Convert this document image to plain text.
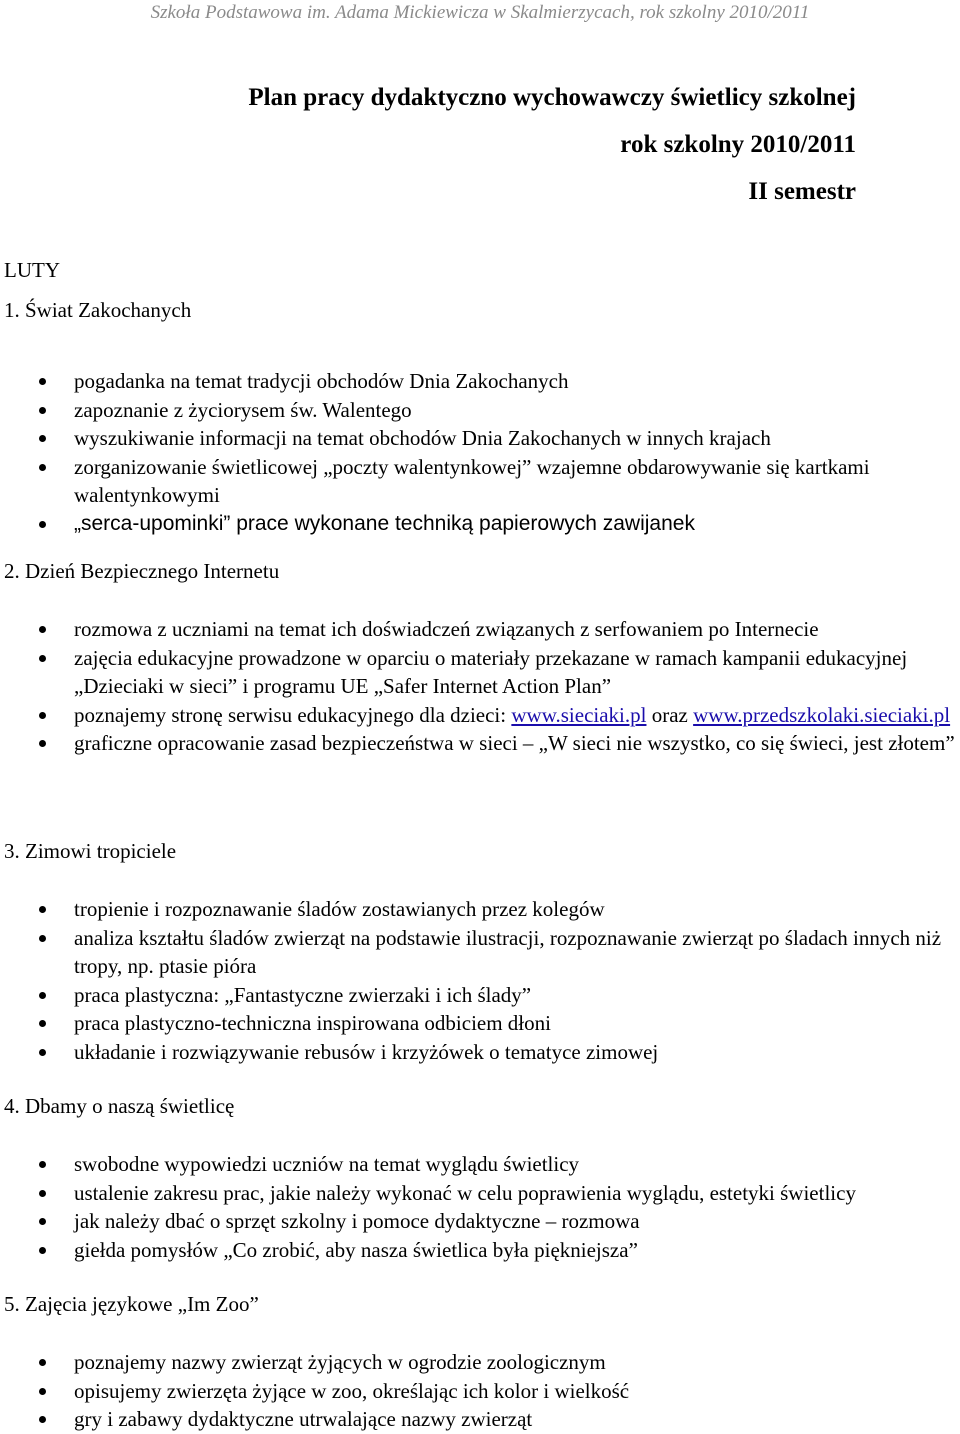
Szkoła Podstawowa im. Adama Mickiewicza w Skalmierzycach, rok szkolny 2010/2011
Plan pracy dydaktyczno wychowawczy świetlicy szkolnej
rok szkolny 2010/2011
II semestr
LUTY
1. Świat Zakochanych
pogadanka na temat tradycji obchodów Dnia Zakochanych
zapoznanie z życiorysem św. Walentego
wyszukiwanie informacji na temat obchodów Dnia Zakochanych w innych krajach
zorganizowanie świetlicowej „poczty walentynkowej” wzajemne obdarowywanie się kartkami walentynkowymi
„serca-upominki” prace wykonane techniką papierowych zawijanek
2. Dzień Bezpiecznego Internetu
rozmowa z uczniami na temat ich doświadczeń związanych z serfowaniem po Internecie
zajęcia edukacyjne prowadzone w oparciu o materiały przekazane w ramach kampanii edukacyjnej „Dzieciaki w sieci” i programu UE „Safer Internet Action Plan”
poznajemy stronę serwisu edukacyjnego dla dzieci: www.sieciaki.pl oraz www.przedszkolaki.sieciaki.pl
graficzne opracowanie zasad bezpieczeństwa w sieci – „W sieci nie wszystko, co się świeci, jest złotem”
3. Zimowi tropiciele
tropienie i rozpoznawanie śladów zostawianych przez kolegów
analiza kształtu śladów zwierząt na podstawie ilustracji, rozpoznawanie zwierząt po śladach innych niż tropy, np. ptasie pióra
praca plastyczna: „Fantastyczne zwierzaki i ich ślady”
praca plastyczno-techniczna inspirowana odbiciem dłoni
układanie i rozwiązywanie rebusów i krzyżówek o tematyce zimowej
4. Dbamy o naszą świetlicę
swobodne wypowiedzi uczniów na temat wyglądu świetlicy
ustalenie zakresu prac, jakie należy wykonać w celu poprawienia wyglądu, estetyki świetlicy
jak należy dbać o sprzęt szkolny i pomoce dydaktyczne – rozmowa
giełda pomysłów „Co zrobić, aby nasza świetlica była piękniejsza”
5. Zajęcia językowe „Im Zoo”
poznajemy nazwy zwierząt żyjących w ogrodzie zoologicznym
opisujemy zwierzęta żyjące w zoo, określając ich kolor i wielkość
gry i zabawy dydaktyczne utrwalające nazwy zwierząt
